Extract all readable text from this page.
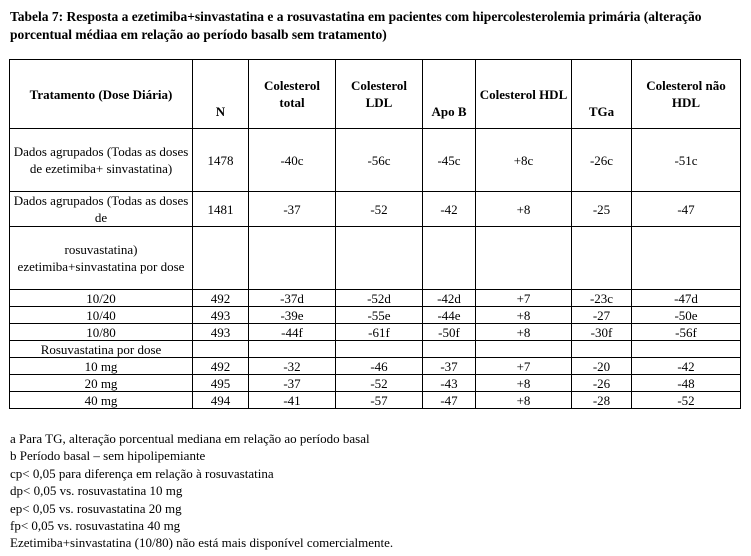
Tabela 7: Resposta a ezetimiba+sinvastatina e a rosuvastatina em pacientes com hipercolesterolemia primária (alteração porcentual médiaa em relação ao período basalb sem tratamento)
Tratamento (Dose Diária)	N	Colesterol total	Colesterol LDL	Apo B	Colesterol HDL	TGa	Colesterol não HDL
Dados agrupados (Todas as doses de ezetimiba+ sinvastatina)	1478	-40c	-56c	-45c	+8c	-26c	-51c
Dados agrupados (Todas as doses de	1481	-37	-52	-42	+8	-25	-47
rosuvastatina) ezetimiba+sinvastatina por dose							
10/20	492	-37d	-52d	-42d	+7	-23c	-47d
10/40	493	-39e	-55e	-44e	+8	-27	-50e
10/80	493	-44f	-61f	-50f	+8	-30f	-56f
Rosuvastatina por dose							
10 mg	492	-32	-46	-37	+7	-20	-42
20 mg	495	-37	-52	-43	+8	-26	-48
40 mg	494	-41	-57	-47	+8	-28	-52
a Para TG, alteração porcentual mediana em relação ao período basal
b Período basal – sem hipolipemiante
cp< 0,05 para diferença em relação à rosuvastatina
dp< 0,05 vs. rosuvastatina 10 mg
ep< 0,05 vs. rosuvastatina 20 mg
fp< 0,05 vs. rosuvastatina 40 mg
Ezetimiba+sinvastatina (10/80) não está mais disponível comercialmente.
